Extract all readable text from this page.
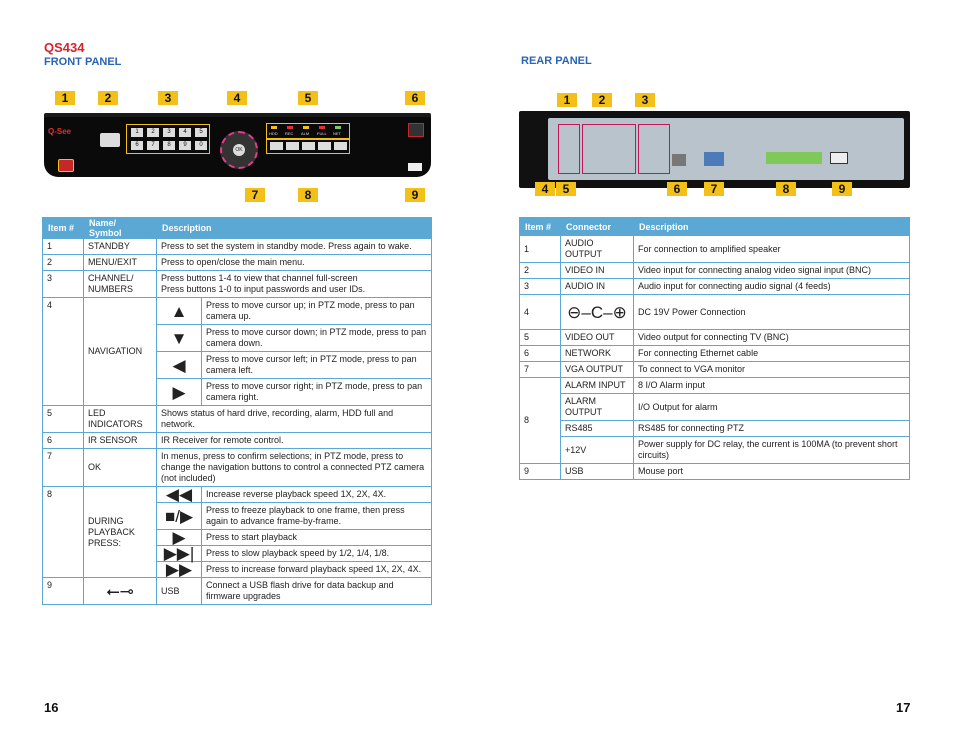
QS434
FRONT PANEL
Q-See	1	2	3	4	5
6	7	8	9	0
OK
HDD REC ALM FULL NET
1	2	3	4	5	6
7	8	9
Item #	Name/ Symbol	Description	
1	STANDBY	Press to set the system in standby mode. Press again to wake.	
2	MENU/EXIT	Press to open/close the main menu.	
3	CHANNEL/ NUMBERS	Press buttons 1-4 to view that channel full-screen
Press buttons 1-0 to input passwords and user IDs.	

4	NAVIGATION	▲	Press to move cursor up; in PTZ mode, press to pan camera up.
		▼	Press to move cursor down; in PTZ mode, press to pan camera down.
		◀	Press to move cursor left; in PTZ mode, press to pan camera left.
		▶	Press to move cursor right; in PTZ mode, press to pan camera right.
5	LED INDICATORS	Shows status of hard drive, recording, alarm, HDD full and network.	
6	IR SENSOR	IR Receiver for remote control.	
7	OK	In menus, press to confirm selections; in PTZ mode, press to change the navigation buttons to control a connected PTZ camera (not included)	
8	DURING PLAYBACK PRESS:	◀◀	Increase reverse playback speed 1X, 2X, 4X.
		■/▶	Press to freeze playback to one frame, then press again to advance frame-by-frame.
		▶	Press to start playback
		▶▶|	Press to slow playback speed by 1/2, 1/4, 1/8.
		▶▶	Press to increase forward playback speed 1X, 2X, 4X.
9	⭠⊸	USB	Connect a USB flash drive for data backup and firmware upgrades
16
REAR PANEL
1	2	3
4	5	6	7	8	9
Item #	Connector	Description
1	AUDIO OUTPUT	For connection to amplified speaker
2	VIDEO IN	Video input for connecting analog video signal input (BNC)
3	AUDIO IN	Audio input for connecting audio signal (4 feeds)
4	⊖–C–⊕	DC 19V Power Connection
5	VIDEO OUT	Video output for connecting TV (BNC)
6	NETWORK	For connecting Ethernet cable
7	VGA OUTPUT	To connect to VGA monitor
8	ALARM INPUT	8 I/O Alarm input
	ALARM OUTPUT	I/O Output for alarm
	RS485	RS485 for connecting PTZ
	+12V	Power supply for DC relay, the current is 100MA (to prevent short circuits)
9	USB	Mouse port
17
